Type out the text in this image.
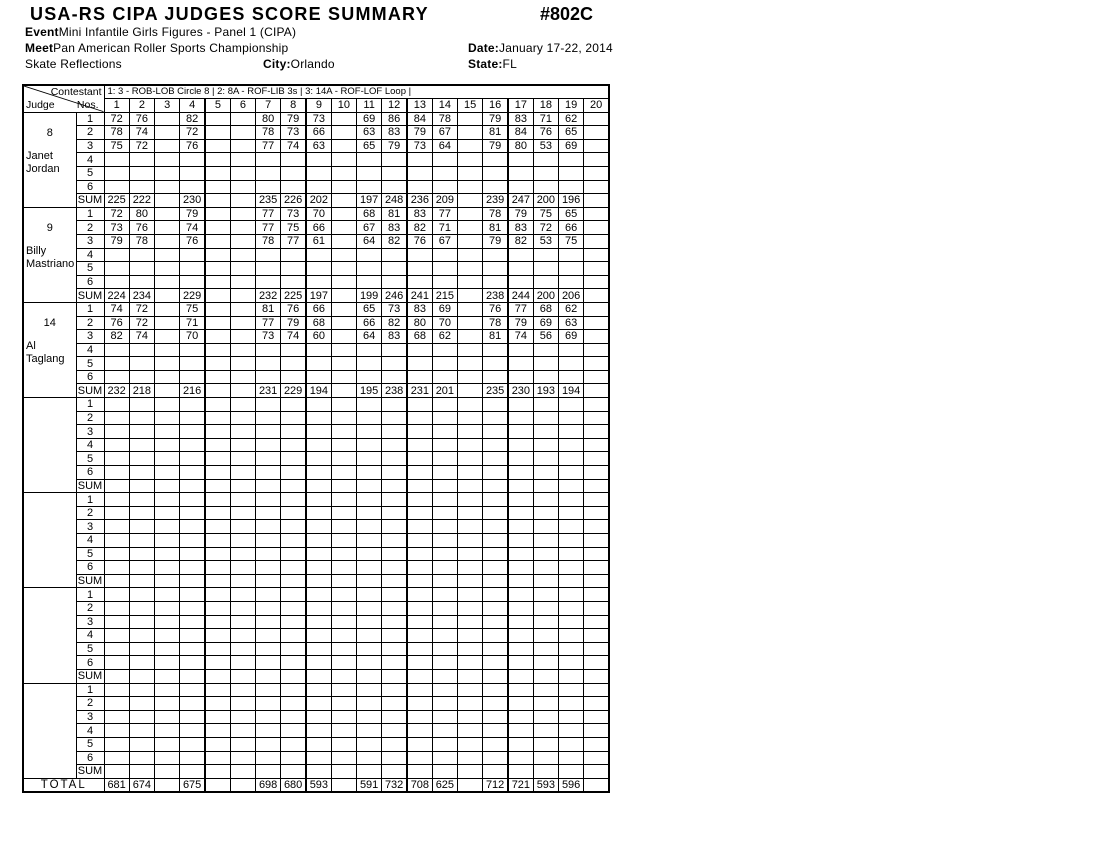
USA-RS CIPA JUDGES SCORE SUMMARY	#802C
EventMini Infantile Girls Figures - Panel 1 (CIPA)
MeetPan American Roller Sports Championship	Date:January 17-22, 2014
Skate Reflections	City:Orlando	State:FL
Contestant
Nos.
Judge		1: 3 - ROB-LOB Circle 8 | 2: 8A - ROF-LIB 3s | 3: 14A - ROF-LOF Loop |																			
		1	2	3	4	5	6	7	8	9	10	11	12	13	14	15	16	17	18	19	20

8
Janet
Jordan	1	72	76		82			80	79	73		69	86	84	78		79	83	71	62	
	2	78	74		72			78	73	66		63	83	79	67		81	84	76	65	
	3	75	72		76			77	74	63		65	79	73	64		79	80	53	69	
	4																				
	5																				
	6																				
	SUM	225	222		230			235	226	202		197	248	236	209		239	247	200	196	

9
Billy
Mastriano	1	72	80		79			77	73	70		68	81	83	77		78	79	75	65	
	2	73	76		74			77	75	66		67	83	82	71		81	83	72	66	
	3	79	78		76			78	77	61		64	82	76	67		79	82	53	75	
	4																				
	5																				
	6																				
	SUM	224	234		229			232	225	197		199	246	241	215		238	244	200	206	

14
Al
Taglang	1	74	72		75			81	76	66		65	73	83	69		76	77	68	62	
	2	76	72		71			77	79	68		66	82	80	70		78	79	69	63	
	3	82	74		70			73	74	60		64	83	68	62		81	74	56	69	
	4																				
	5																				
	6																				
	SUM	232	218		216			231	229	194		195	238	231	201		235	230	193	194	

	1																				
	2																				
	3																				
	4																				
	5																				
	6																				
	SUM																				

	1																				
	2																				
	3																				
	4																				
	5																				
	6																				
	SUM																				

	1																				
	2																				
	3																				
	4																				
	5																				
	6																				
	SUM																				

	1																				
	2																				
	3																				
	4																				
	5																				
	6																				
	SUM																				
TOTAL		681	674		675			698	680	593		591	732	708	625		712	721	593	596	
